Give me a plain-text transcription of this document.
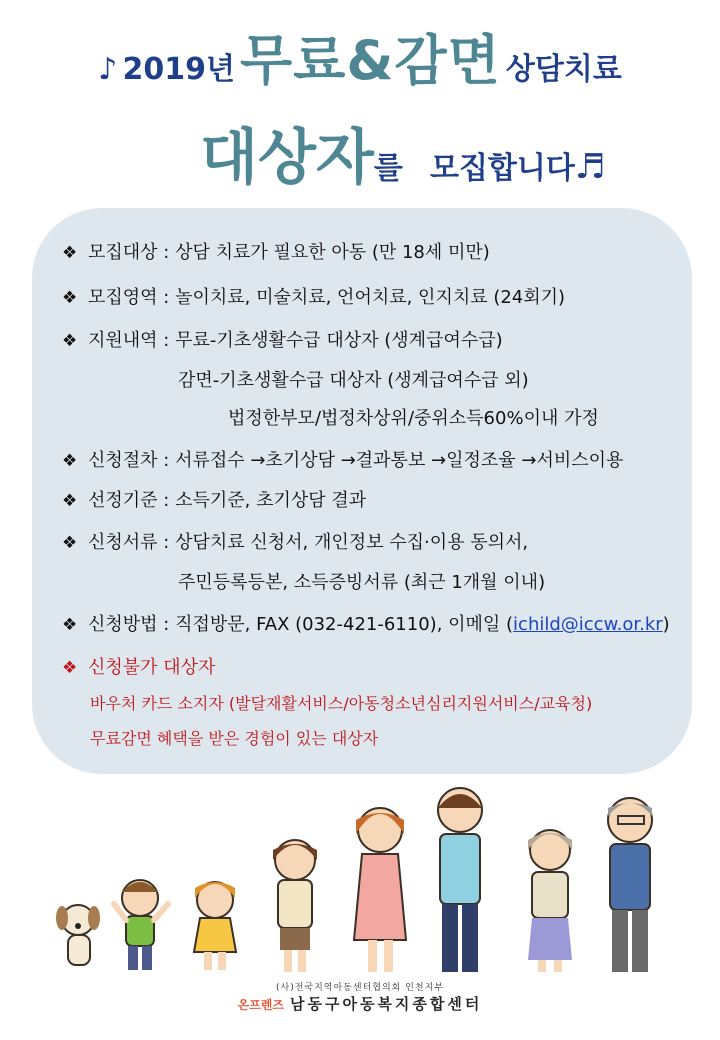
♪ 2019년 무료&감면 상담치료
대상자를 모집합니다♬
❖ 모집대상 : 상담 치료가 필요한 아동 (만 18세 미만)
❖ 모집영역 : 놀이치료, 미술치료, 언어치료, 인지치료 (24회기)
❖ 지원내역 : 무료-기초생활수급 대상자 (생계급여수급)
감면-기초생활수급 대상자 (생계급여수급 외)
법정한부모/법정차상위/중위소득60%이내 가정
❖ 신청절차 : 서류접수 →초기상담 →결과통보 →일정조율 →서비스이용
❖ 선정기준 : 소득기준, 초기상담 결과
❖ 신청서류 : 상담치료 신청서, 개인정보 수집·이용 동의서,
주민등록등본, 소득증빙서류 (최근 1개월 이내)
❖ 신청방법 : 직접방문, FAX (032-421-6110), 이메일 (ichild@iccw.or.kr)
❖ 신청불가 대상자
바우처 카드 소지자 (발달재활서비스/아동청소년심리지원서비스/교육청)
무료감면 혜택을 받은 경험이 있는 대상자
(사)전국지역아동센터협의회 인천지부
온프렌즈 남동구아동복지종합센터
